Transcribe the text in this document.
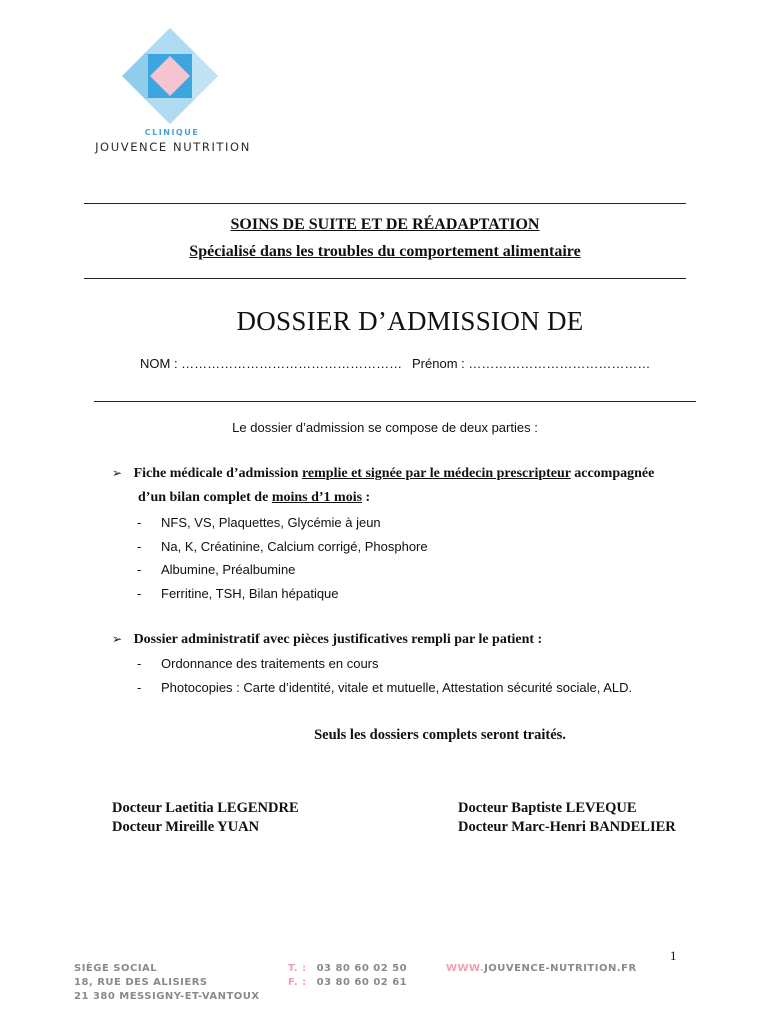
CLINIQUE
JOUVENCE NUTRITION
SOINS DE SUITE ET DE RÉADAPTATION
Spécialisé dans les troubles du comportement alimentaire
DOSSIER D’ADMISSION DE
NOM : …………………………………………… Prénom : ……………………………………
Le dossier d’admission se compose de deux parties :
➢ Fiche médicale d’admission remplie et signée par le médecin prescripteur accompagnée
d’un bilan complet de moins d’1 mois :
- NFS, VS, Plaquettes, Glycémie à jeun
- Na, K, Créatinine, Calcium corrigé, Phosphore
- Albumine, Préalbumine
- Ferritine, TSH, Bilan hépatique
➢ Dossier administratif avec pièces justificatives rempli par le patient :
- Ordonnance des traitements en cours
- Photocopies : Carte d’identité, vitale et mutuelle, Attestation sécurité sociale, ALD.
Seuls les dossiers complets seront traités.
Docteur Laetitia LEGENDRE
Docteur Mireille YUAN
Docteur Baptiste LEVEQUE
Docteur Marc-Henri BANDELIER
1
SIÈGE SOCIAL
18, RUE DES ALISIERS
21 380 MESSIGNY-ET-VANTOUX
T. : 03 80 60 02 50
F. : 03 80 60 02 61
WWW.JOUVENCE-NUTRITION.FR
